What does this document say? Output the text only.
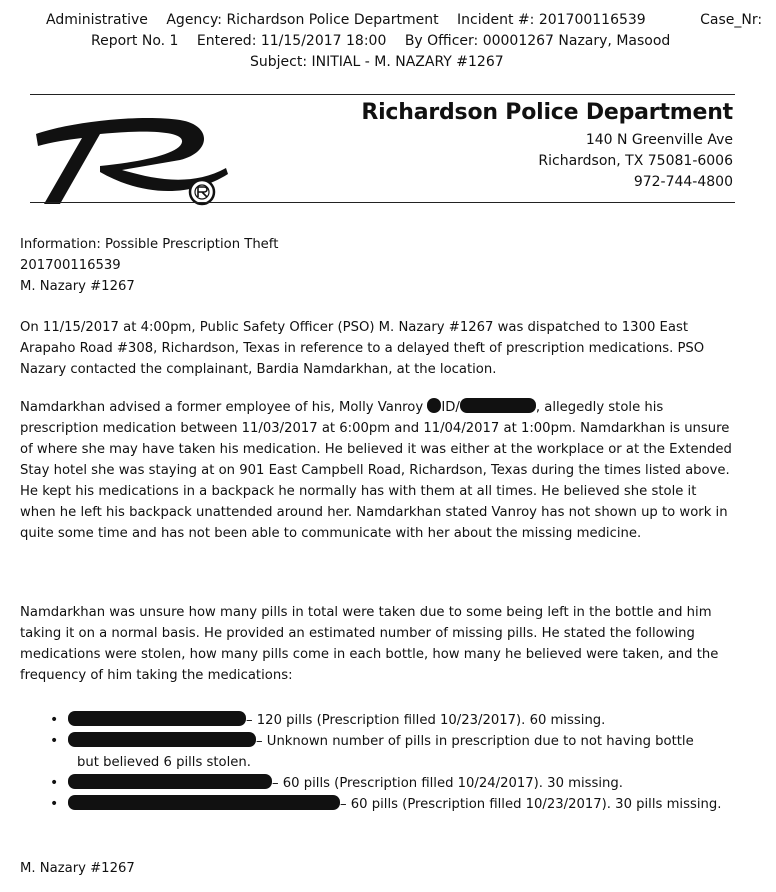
Administrative Agency: Richardson Police Department Incident #: 201700116539	Case_Nr:
Report No. 1 Entered: 11/15/2017 18:00 By Officer: 00001267 Nazary, Masood
Subject: INITIAL - M. NAZARY #1267
Richardson Police Department
140 N Greenville Ave
Richardson, TX 75081-6006
972-744-4800
Information: Possible Prescription Theft
201700116539
M. Nazary #1267

On 11/15/2017 at 4:00pm, Public Safety Officer (PSO) M. Nazary #1267 was dispatched to 1300 East Arapaho Road #308, Richardson, Texas in reference to a delayed theft of prescription medications. PSO Nazary contacted the complainant, Bardia Namdarkhan, at the location.

Namdarkhan advised a former employee of his, Molly Vanroy ID/	, allegedly stole his prescription medication between 11/03/2017 at 6:00pm and 11/04/2017 at 1:00pm. Namdarkhan is unsure of where she may have taken his medication. He believed it was either at the workplace or at the Extended Stay hotel she was staying at on 901 East Campbell Road, Richardson, Texas during the times listed above. He kept his medications in a backpack he normally has with them at all times. He believed she stole it when he left his backpack unattended around her. Namdarkhan stated Vanroy has not shown up to work in quite some time and has not been able to communicate with her about the missing medicine.

Namdarkhan was unsure how many pills in total were taken due to some being left in the bottle and him taking it on a normal basis. He provided an estimated number of missing pills. He stated the following medications were stolen, how many pills come in each bottle, how many he believed were taken, and the frequency of him taking the medications:

•	– 120 pills (Prescription filled 10/23/2017). 60 missing.
•	– Unknown number of pills in prescription due to not having bottle
but believed 6 pills stolen.
•	– 60 pills (Prescription filled 10/24/2017). 30 missing.
•	– 60 pills (Prescription filled 10/23/2017). 30 pills missing.
M. Nazary #1267
